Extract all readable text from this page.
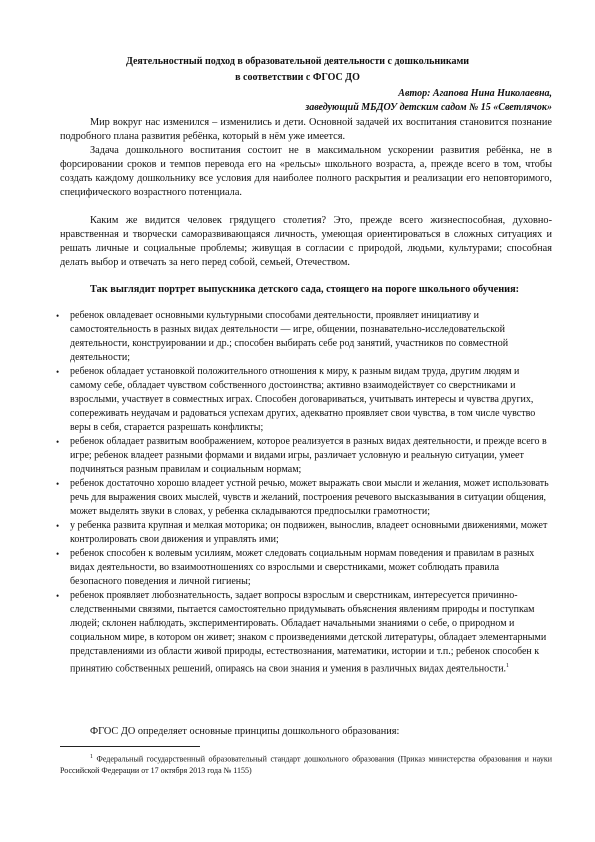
Деятельностный подход в образовательной деятельности с дошкольниками
в соответствии с ФГОС ДО
Автор: Агапова Нина Николаевна,
заведующий МБДОУ детским садом № 15 «Светлячок»

Мир вокруг нас изменился – изменились и дети. Основной задачей их воспитания становится познание подробного плана развития ребёнка, который в нём уже имеется.

Задача дошкольного воспитания состоит не в максимальном ускорении развития ребёнка, не в форсировании сроков и темпов перевода его на «рельсы» школьного возраста, а, прежде всего в том, чтобы создать каждому дошкольнику все условия для наиболее полного раскрытия и реализации его неповторимого, специфического возрастного потенциала.

Каким же видится человек грядущего столетия? Это, прежде всего жизнеспособная, духовно- нравственная и творчески саморазвивающаяся личность, умеющая ориентироваться в сложных ситуациях и решать личные и социальные проблемы; живущая в согласии с природой, людьми, культурами; способная делать выбор и отвечать за него перед собой, семьей, Отечеством.

Так выглядит портрет выпускника детского сада, стоящего на пороге школьного обучения:

• ребенок овладевает основными культурными способами деятельности, проявляет инициативу и самостоятельность в разных видах деятельности — игре, общении, познавательно-исследовательской деятельности, конструировании и др.; способен выбирать себе род занятий, участников по совместной деятельности;
• ребенок обладает установкой положительного отношения к миру, к разным видам труда, другим людям и самому себе, обладает чувством собственного достоинства; активно взаимодействует со сверстниками и взрослыми, участвует в совместных играх. Способен договариваться, учитывать интересы и чувства других, сопереживать неудачам и радоваться успехам других, адекватно проявляет свои чувства, в том числе чувство веры в себя, старается разрешать конфликты;
• ребенок обладает развитым воображением, которое реализуется в разных видах деятельности, и прежде всего в игре; ребенок владеет разными формами и видами игры, различает условную и реальную ситуации, умеет подчиняться разным правилам и социальным нормам;
• ребенок достаточно хорошо владеет устной речью, может выражать свои мысли и желания, может использовать речь для выражения своих мыслей, чувств и желаний, построения речевого высказывания в ситуации общения, может выделять звуки в словах, у ребенка складываются предпосылки грамотности;
• у ребенка развита крупная и мелкая моторика; он подвижен, вынослив, владеет основными движениями, может контролировать свои движения и управлять ими;
• ребенок способен к волевым усилиям, может следовать социальным нормам поведения и правилам в разных видах деятельности, во взаимоотношениях со взрослыми и сверстниками, может соблюдать правила безопасного поведения и личной гигиены;
• ребенок проявляет любознательность, задает вопросы взрослым и сверстникам, интересуется причинно-следственными связями, пытается самостоятельно придумывать объяснения явлениям природы и поступкам людей; склонен наблюдать, экспериментировать. Обладает начальными знаниями о себе, о природном и социальном мире, в котором он живет; знаком с произведениями детской литературы, обладает элементарными представлениями из области живой природы, естествознания, математики, истории и т.п.; ребенок способен к принятию собственных решений, опираясь на свои знания и умения в различных видах деятельности.$^1$

ФГОС ДО определяет основные принципы дошкольного образования:

$^1$ Федеральный государственный образовательный стандарт дошкольного образования (Приказ министерства образования и науки Российской Федерации от 17 октября 2013 года № 1155)
